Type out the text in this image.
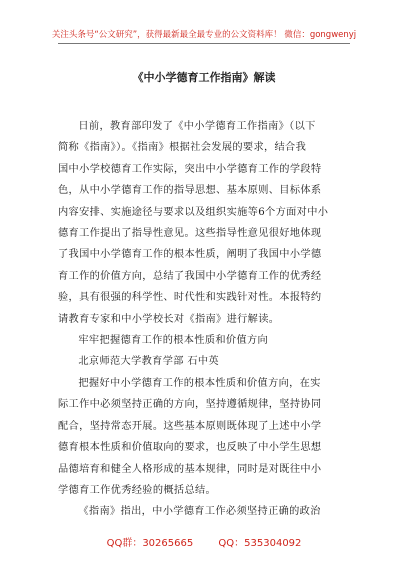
关注头条号“公文研究”，获得最新最全最专业的公文资料库！ 微信：gongwenyj
《中小学德育工作指南》解读
日前，教育部印发了《中小学德育工作指南》（以下
简称《指南》）。《指南》根据社会发展的要求，结合我
国中小学校德育工作实际，突出中小学德育工作的学段特
色，从中小学德育工作的指导思想、基本原则、目标体系
内容安排、实施途径与要求以及组织实施等6个方面对中小
德育工作提出了指导性意见。这些指导性意见很好地体现
了我国中小学德育工作的根本性质，阐明了我国中小学德
育工作的价值方向，总结了我国中小学德育工作的优秀经
验，具有很强的科学性、时代性和实践针对性。本报特约
请教育专家和中小学校长对《指南》进行解读。
牢牢把握德育工作的根本性质和价值方向
北京师范大学教育学部 石中英
把握好中小学德育工作的根本性质和价值方向，在实
际工作中必须坚持正确的方向，坚持遵循规律，坚持协同
配合，坚持常态开展。这些基本原则既体现了上述中小学
德育根本性质和价值取向的要求，也反映了中小学生思想
品德培育和健全人格形成的基本规律，同时是对既往中小
学德育工作优秀经验的概括总结。
《指南》指出，中小学德育工作必须坚持正确的政治
QQ群：30265665	QQ：535304092
